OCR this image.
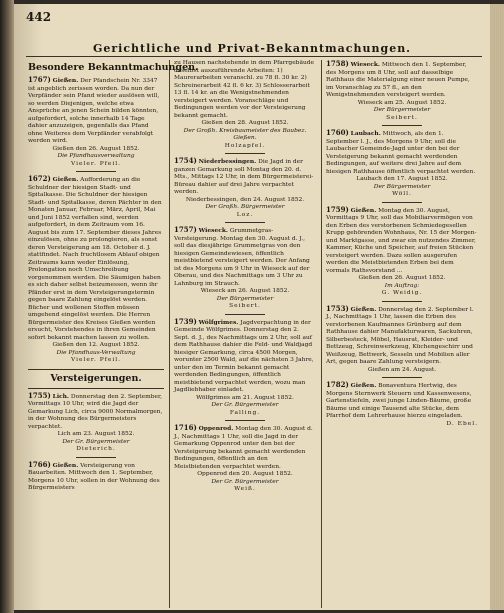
442
Gerichtliche und Privat-Bekanntmachungen.
Besondere Bekanntmachungen.
1767) Gießen. Der Pfandschein Nr. 3347 ist angeblich zerissen worden. Da nun der Verpfänder sein Pfand wieder auslösen will, so werden Diejenigen, welche etwa Ansprüche an jenen Schein bilden könnten, aufgefordert, solche innerhalb 14 Tage dahier anzuzeigen, gegenfalls das Pfand ohne Weiteres dem Verpfänder verabfolgt werden wird.
Gießen den 26. August 1852.
Die Pfandhausverwaltung
Vieler. Pfeil.
1672) Gießen. Aufforderung an die Schuldner der hiesigen Stadt- und Spitalkasse. Die Schuldner der hiesigen Stadt- und Spitalkasse, deren Pächter in den Monaten Januar, Februar, März, April, Mai und Juni 1852 verfallen sind, werden aufgefordert, in dem Zeitraum vom 16. August bis zum 17. September dieses Jahres einzulösen, ohne zu prolongieren, als sonst deren Versteigerung am 18. October d. J. stattfindet. Nach fruchtlosem Ablauf obigen Zeitraums kann weder Einlösung, Prolongation noch Umschreibung vorgenommen werden. Die Säumigen haben es sich daher selbst beizumessen, wenn ihr Pfänder erst in dem Versteigerungstermin gegen baare Zahlung eingelöst werden. Bücher und wollenen Stoffen müssen umgehend eingelöst werden. Die Herren Bürgermeister des Kreises Gießen werden ersucht, Vorstehendes in ihren Gemeinden sofort bekannt machen lassen zu wollen.
Gießen den 12. August 1852.
Die Pfandhaus-Verwaltung
Vieler. Pfeil.
Versteigerungen.
1755) Lich. Donnerstag den 2. September, Vormittags 10 Uhr, wird die Jagd der Gemarkung Lich, circa 9000 Normalmorgen, in der Wohnung des Bürgermeisters verpachtet.
Lich am 23. August 1852.
Der Gr. Bürgermeister
Dieterich.
1766) Gießen. Versteigerung von Bauarbeiten. Mittwoch den 1. September, Morgens 10 Uhr, sollen in der Wohnung des Bürgermeisters
zu Hausen nachstehende in dem Pfarrgebäude daselbst auszuführende Arbeiten: 1) Maurerarbeiten veranschl. zu 78 fl. 30 kr. 2) Schreinerarbeit 42 fl. 6 kr. 3) Schlosserarbeit 13 fl. 14 kr. an die Wenigstnehmenden versteigert werden. Voranschläge und Bedingungen werden vor der Versteigerung bekannt gemacht.
Gießen den 28. August 1852.
Der Großh. Kreisbaumeister des Baubez. Gießen.
Holzapfel.
1754) Niederbessingen. Die Jagd in der ganzen Gemarkung soll Montag den 20. d. Mts., Mittags 12 Uhr, in dem Bürgermeisterei-Büreau dahier auf drei Jahre verpachtet werden.
Niederbessingen, den 24. August 1852.
Der Großh. Bürgermeister
Loz.
1757) Wieseck. Grummetgras-Versteigerung. Montag den 30. August d. J., soll das diesjährige Grummetgras von den hiesigen Gemeindewiesen, öffentlich meistbietend versteigert werden. Der Anfang ist des Morgens um 9 Uhr in Wieseck auf der Oberau, und des Nachmittags um 3 Uhr zu Lahnburg im Strauch.
Wieseck am 26. August 1852.
Der Bürgermeister
Seibert.
1739) Wölfgrimes. Jagdverpachtung in der Gemeinde Wölfgrimes. Donnerstag den 2. Sept. d. J., des Nachmittags um 2 Uhr, soll auf dem Rathhause dahier die Feld- und Waldjagd hiesiger Gemarkung, circa 4500 Morgen, worunter 2500 Wald, auf die nächsten 3 Jahre, unter den im Termin bekannt gemacht werdenden Bedingungen, öffentlich meistbietend verpachtet werden, wozu man Jagdliebhaber einladet.
Wölfgrimes am 21. August 1852.
Der Gr. Bürgermeister
Falling.
1716) Oppenrod. Montag den 30. August d. J., Nachmittags 1 Uhr, soll die Jagd in der Gemarkung Oppenrod unter den bei der Versteigerung bekannt gemacht werdenden Bedingungen, öffentlich an den Meistbietenden verpachtet werden.
Oppenrod den 20. August 1852.
Der Gr. Bürgermeister
Weiß.
1758) Wieseck. Mittwoch den 1. September, des Morgens um 8 Uhr, soll auf dasselbige Rathhaus die Materialgung einer neuen Pumpe, im Voranschlag zu 57 fl., an den Wenigstnehmenden versteigert werden.
Wieseck am 25. August 1852.
Der Bürgermeister
Seibert.
1760) Laubach. Mittwoch, als den 1. September l. J., des Morgens 9 Uhr, soll die Laubacher Gemeinde-Jagd unter den bei der Versteigerung bekannt gemacht werdenden Bedingungen, auf weitere drei Jahre auf dem hiesigen Rathhause öffentlich verpachtet werden.
Laubach den 17. August 1852.
Der Bürgermeister
Wöll.
1759) Gießen. Montag den 30. August, Vormittags 9 Uhr, soll das Mobiliarvermögen von den Erben des verstorbenen Schmiedegesellen Krupp gehörenden Wohnhaus, Nr. 15 der Morgen- und Marktgasse, und zwar ein nutzendes Zimmer, Kammer, Küche und Speicher, auf freien Stücken versteigert werden. Dazu sollen ausgerufen werden die Meistbietenden Erben bei dem vormals Rathsvorstand ...
Gießen den 26. August 1852.
Im Auftrag:
G. Weidig.
1753) Gießen. Donnerstag den 2. September l. J., Nachmittags 1 Uhr, lassen die Erben des verstorbenen Kaufmannes Grünberg auf dem Rathhause dahier Manufakturwaren, Sackuhren, Silberbesteck, Möbel, Hausrat, Kleider- und Bettzeug, Schreinwerkzeug, Küchengeschirr und Weißzeug, Bettwerk, Sesseln und Mobilien aller Art, gegen baare Zahlung versteigern.
Gießen am 24. August.
1782) Gießen. Bonaventura Hertwig, des Morgens Sternwerk Steuern und Kassenwesens, Gartenstiefeln, zwei junge Linden-Bäume, große Bäume und einige Tausend alte Stücke, dem Pfarrhof dem Lehrerhause hierzu eingeladen.
D. Ebel.
